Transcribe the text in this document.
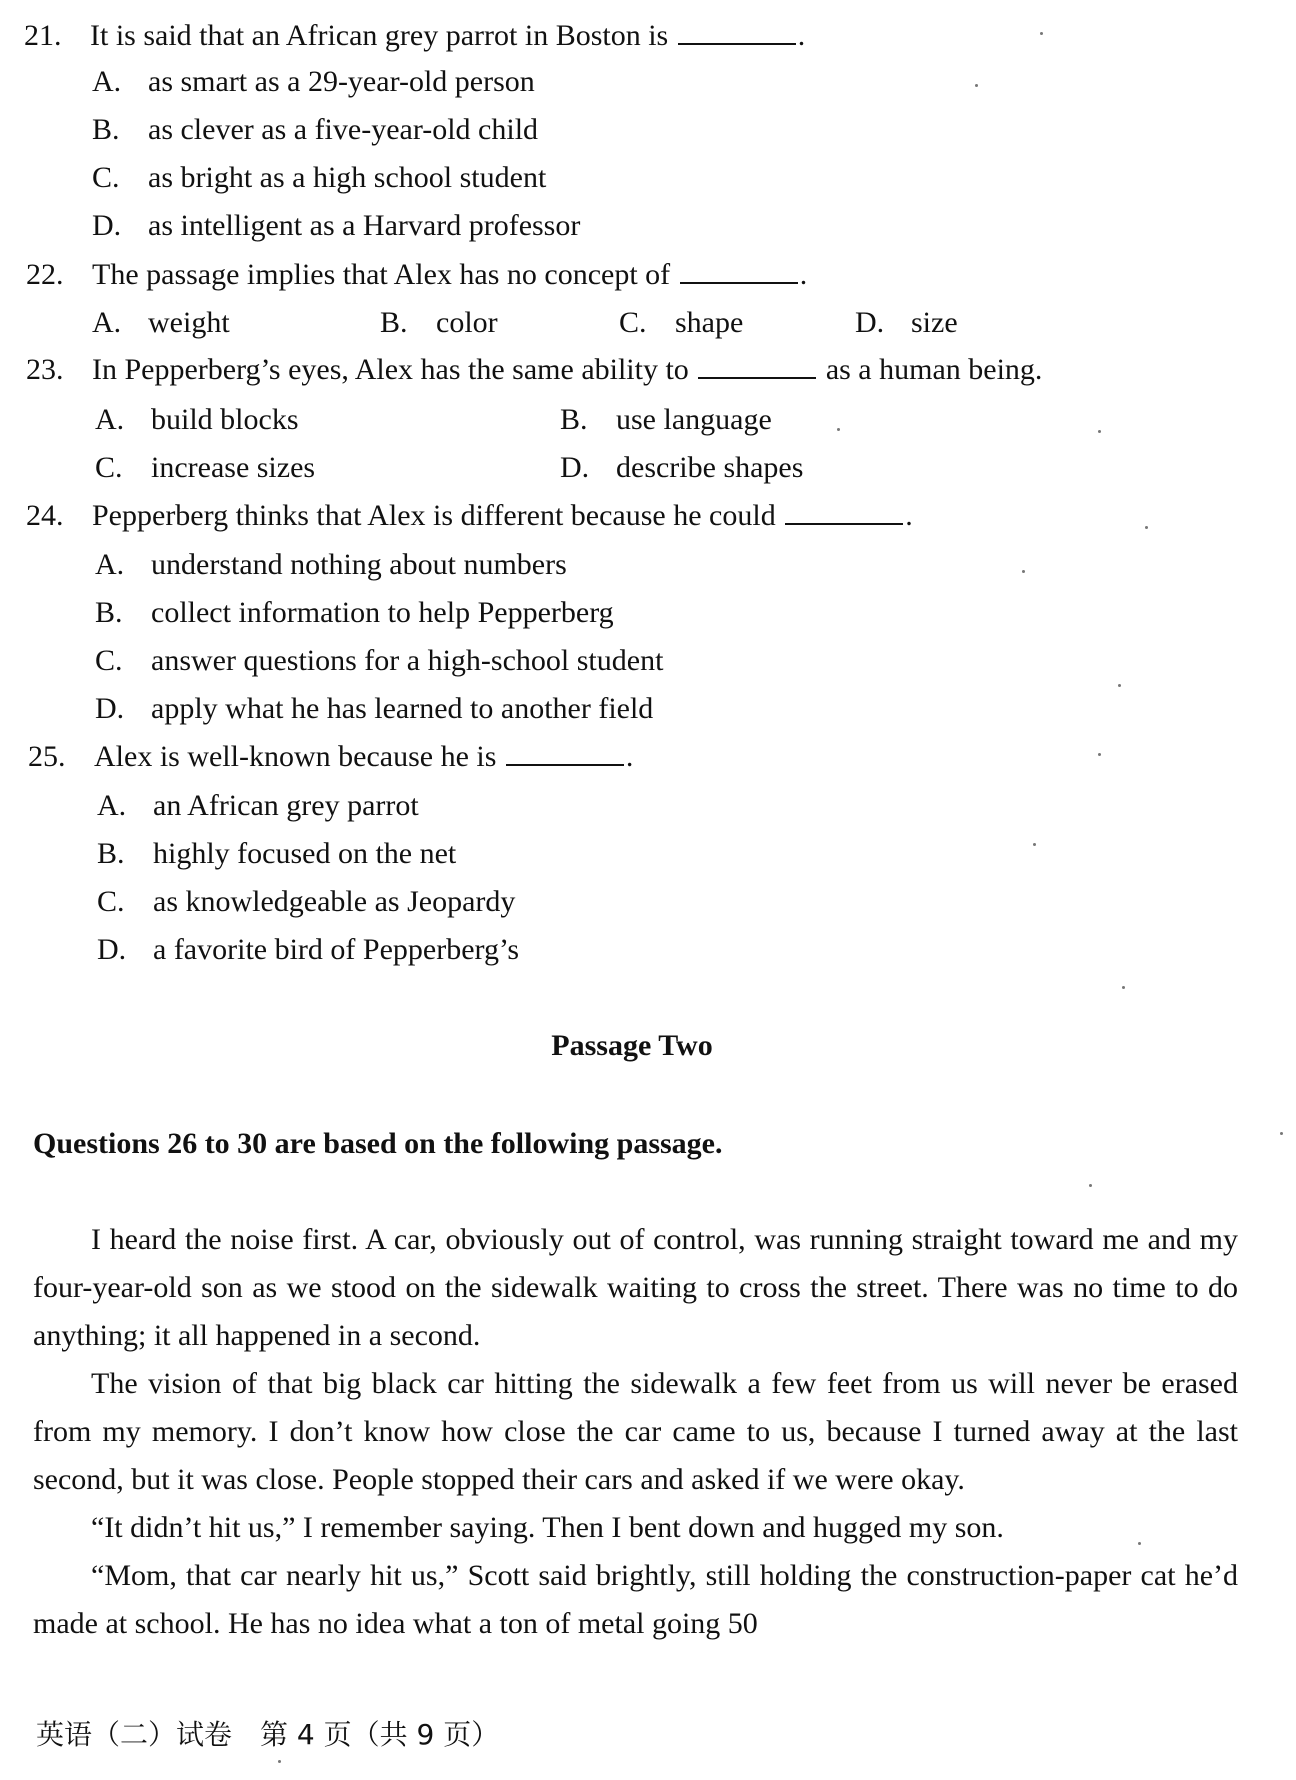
21. It is said that an African grey parrot in Boston is	.
A. as smart as a 29-year-old person
B. as clever as a five-year-old child
C. as bright as a high school student
D. as intelligent as a Harvard professor
22. The passage implies that Alex has no concept of	.
A. weight	B. color	C. shape	D. size
23. In Pepperberg’s eyes, Alex has the same ability to	as a human being.
A. build blocks	B. use language
C. increase sizes	D. describe shapes
24. Pepperberg thinks that Alex is different because he could	.
A. understand nothing about numbers
B. collect information to help Pepperberg
C. answer questions for a high-school student
D. apply what he has learned to another field
25. Alex is well-known because he is	.
A. an African grey parrot
B. highly focused on the net
C. as knowledgeable as Jeopardy
D. a favorite bird of Pepperberg’s
Passage Two
Questions 26 to 30 are based on the following passage.

I heard the noise first. A car, obviously out of control, was running straight toward me and my four-year-old son as we stood on the sidewalk waiting to cross the street. There was no time to do anything; it all happened in a second.

The vision of that big black car hitting the sidewalk a few feet from us will never be erased from my memory. I don’t know how close the car came to us, because I turned away at the last second, but it was close. People stopped their cars and asked if we were okay.

“It didn’t hit us,” I remember saying. Then I bent down and hugged my son.

“Mom, that car nearly hit us,” Scott said brightly, still holding the construction-paper cat he’d made at school. He has no idea what a ton of metal going 50

英语（二）试卷　第 4 页（共 9 页）
